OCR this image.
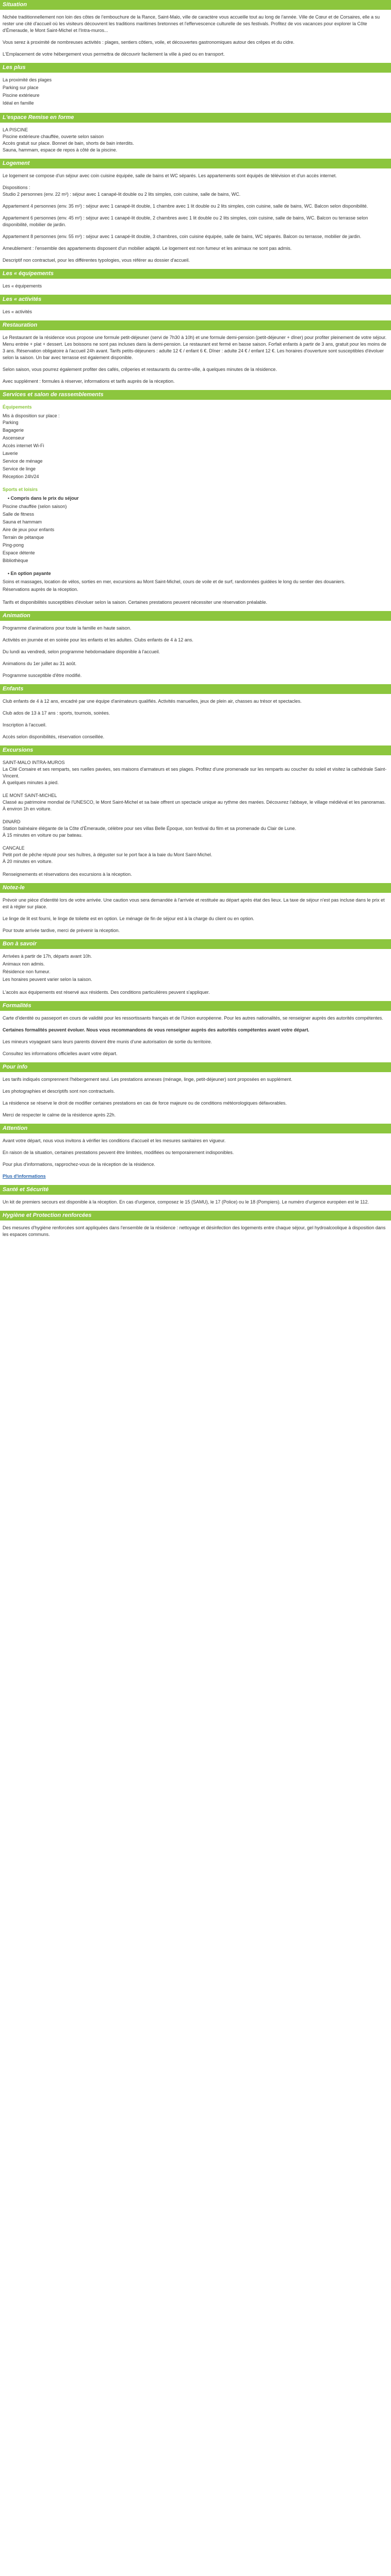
Situation

Nichée traditionnellement non loin des côtes de l'embouchure de la Rance, Saint-Malo, ville de caractère vous accueille tout au long de l'année. Ville de Cœur et de Corsaires, elle a su rester une cité d'accueil où les visiteurs découvrent les traditions maritimes bretonnes et l'effervescence culturelle de ses festivals. Profitez de vos vacances pour explorer la Côte d'Émeraude, le Mont Saint-Michel et l'Intra-muros...

Vous serez à proximité de nombreuses activités : plages, sentiers côtiers, voile, et découvertes gastronomiques autour des crêpes et du cidre.

L'Emplacement de votre hébergement vous permettra de découvrir facilement la ville à pied ou en transport.

Les plus
La proximité des plages
Parking sur place
Piscine extérieure
Idéal en famille
L'espace Remise en forme
LA PISCINE
Piscine extérieure chauffée, ouverte selon saison
Accès gratuit sur place. Bonnet de bain, shorts de bain interdits.
Sauna, hammam, espace de repos à côté de la piscine.
Logement

Le logement se compose d'un séjour avec coin cuisine équipée, salle de bains et WC séparés. Les appartements sont équipés de télévision et d'un accès internet.

Dispositions :

Studio 2 personnes (env. 22 m²) : séjour avec 1 canapé-lit double ou 2 lits simples, coin cuisine, salle de bains, WC.

Appartement 4 personnes (env. 35 m²) : séjour avec 1 canapé-lit double, 1 chambre avec 1 lit double ou 2 lits simples, coin cuisine, salle de bains, WC. Balcon selon disponibilité.

Appartement 6 personnes (env. 45 m²) : séjour avec 1 canapé-lit double, 2 chambres avec 1 lit double ou 2 lits simples, coin cuisine, salle de bains, WC. Balcon ou terrasse selon disponibilité, mobilier de jardin.

Appartement 8 personnes (env. 55 m²) : séjour avec 1 canapé-lit double, 3 chambres, coin cuisine équipée, salle de bains, WC séparés. Balcon ou terrasse, mobilier de jardin.

Ameublement : l'ensemble des appartements disposent d'un mobilier adapté. Le logement est non fumeur et les animaux ne sont pas admis.

Descriptif non contractuel, pour les différentes typologies, vous référer au dossier d'accueil.

Les « équipements

Les « équipements

Les « activités

Les « activités

Restauration

Le Restaurant de la résidence vous propose une formule petit-déjeuner (servi de 7h30 à 10h) et une formule demi-pension (petit-déjeuner + dîner) pour profiter pleinement de votre séjour. Menu entrée + plat + dessert. Les boissons ne sont pas incluses dans la demi-pension. Le restaurant est fermé en basse saison. Forfait enfants à partir de 3 ans, gratuit pour les moins de 3 ans. Réservation obligatoire à l'accueil 24h avant. Tarifs petits-déjeuners : adulte 12 € / enfant 6 €. Dîner : adulte 24 € / enfant 12 €. Les horaires d'ouverture sont susceptibles d'évoluer selon la saison. Un bar avec terrasse est également disponible.

Selon saison, vous pourrez également profiter des cafés, crêperies et restaurants du centre-ville, à quelques minutes de la résidence.

Avec supplément : formules à réserver, informations et tarifs auprès de la réception.

Services et salon de rassemblements
Équipements
Mis à disposition sur place :
Parking
Bagagerie
Ascenseur
Accès internet Wi-Fi
Laverie
Service de ménage
Service de linge
Réception 24h/24
Sports et loisirs
• Compris dans le prix du séjour
Piscine chauffée (selon saison)
Salle de fitness
Sauna et hammam
Aire de jeux pour enfants
Terrain de pétanque
Ping-pong
Espace détente
Bibliothèque
• En option payante
Soins et massages, location de vélos, sorties en mer, excursions au Mont Saint-Michel, cours de voile et de surf, randonnées guidées le long du sentier des douaniers.
Réservations auprès de la réception.

Tarifs et disponibilités susceptibles d'évoluer selon la saison. Certaines prestations peuvent nécessiter une réservation préalable.

Animation

Programme d'animations pour toute la famille en haute saison.

Activités en journée et en soirée pour les enfants et les adultes. Clubs enfants de 4 à 12 ans.

Du lundi au vendredi, selon programme hebdomadaire disponible à l'accueil.

Animations du 1er juillet au 31 août.

Programme susceptible d'être modifié.

Enfants

Club enfants de 4 à 12 ans, encadré par une équipe d'animateurs qualifiés. Activités manuelles, jeux de plein air, chasses au trésor et spectacles.

Club ados de 13 à 17 ans : sports, tournois, soirées.

Inscription à l'accueil.

Accès selon disponibilités, réservation conseillée.

Excursions
SAINT-MALO INTRA-MUROS
La Cité Corsaire et ses remparts, ses ruelles pavées, ses maisons d'armateurs et ses plages. Profitez d'une promenade sur les remparts au coucher du soleil et visitez la cathédrale Saint-Vincent.
À quelques minutes à pied.
LE MONT SAINT-MICHEL
Classé au patrimoine mondial de l'UNESCO, le Mont Saint-Michel et sa baie offrent un spectacle unique au rythme des marées. Découvrez l'abbaye, le village médiéval et les panoramas.
À environ 1h en voiture.
DINARD
Station balnéaire élégante de la Côte d'Émeraude, célèbre pour ses villas Belle Époque, son festival du film et sa promenade du Clair de Lune.
À 15 minutes en voiture ou par bateau.
CANCALE
Petit port de pêche réputé pour ses huîtres, à déguster sur le port face à la baie du Mont Saint-Michel.
À 20 minutes en voiture.

Renseignements et réservations des excursions à la réception.

Notez-le

Prévoir une pièce d'identité lors de votre arrivée. Une caution vous sera demandée à l'arrivée et restituée au départ après état des lieux. La taxe de séjour n'est pas incluse dans le prix et est à régler sur place.

Le linge de lit est fourni, le linge de toilette est en option. Le ménage de fin de séjour est à la charge du client ou en option.

Pour toute arrivée tardive, merci de prévenir la réception.

Bon à savoir
Arrivées à partir de 17h, départs avant 10h.
Animaux non admis.
Résidence non fumeur.
Les horaires peuvent varier selon la saison.

L'accès aux équipements est réservé aux résidents. Des conditions particulières peuvent s'appliquer.

Formalités

Carte d'identité ou passeport en cours de validité pour les ressortissants français et de l'Union européenne. Pour les autres nationalités, se renseigner auprès des autorités compétentes.

Certaines formalités peuvent évoluer. Nous vous recommandons de vous renseigner auprès des autorités compétentes avant votre départ.

Les mineurs voyageant sans leurs parents doivent être munis d'une autorisation de sortie du territoire.

Consultez les informations officielles avant votre départ.

Pour info

Les tarifs indiqués comprennent l'hébergement seul. Les prestations annexes (ménage, linge, petit-déjeuner) sont proposées en supplément.

Les photographies et descriptifs sont non contractuels.

La résidence se réserve le droit de modifier certaines prestations en cas de force majeure ou de conditions météorologiques défavorables.

Merci de respecter le calme de la résidence après 22h.

Attention

Avant votre départ, nous vous invitons à vérifier les conditions d'accueil et les mesures sanitaires en vigueur.

En raison de la situation, certaines prestations peuvent être limitées, modifiées ou temporairement indisponibles.

Pour plus d'informations, rapprochez-vous de la réception de la résidence.

Plus d'informations

Santé et Sécurité

Un kit de premiers secours est disponible à la réception. En cas d'urgence, composez le 15 (SAMU), le 17 (Police) ou le 18 (Pompiers). Le numéro d'urgence européen est le 112.

Hygiène et Protection renforcées

Des mesures d'hygiène renforcées sont appliquées dans l'ensemble de la résidence : nettoyage et désinfection des logements entre chaque séjour, gel hydroalcoolique à disposition dans les espaces communs.
